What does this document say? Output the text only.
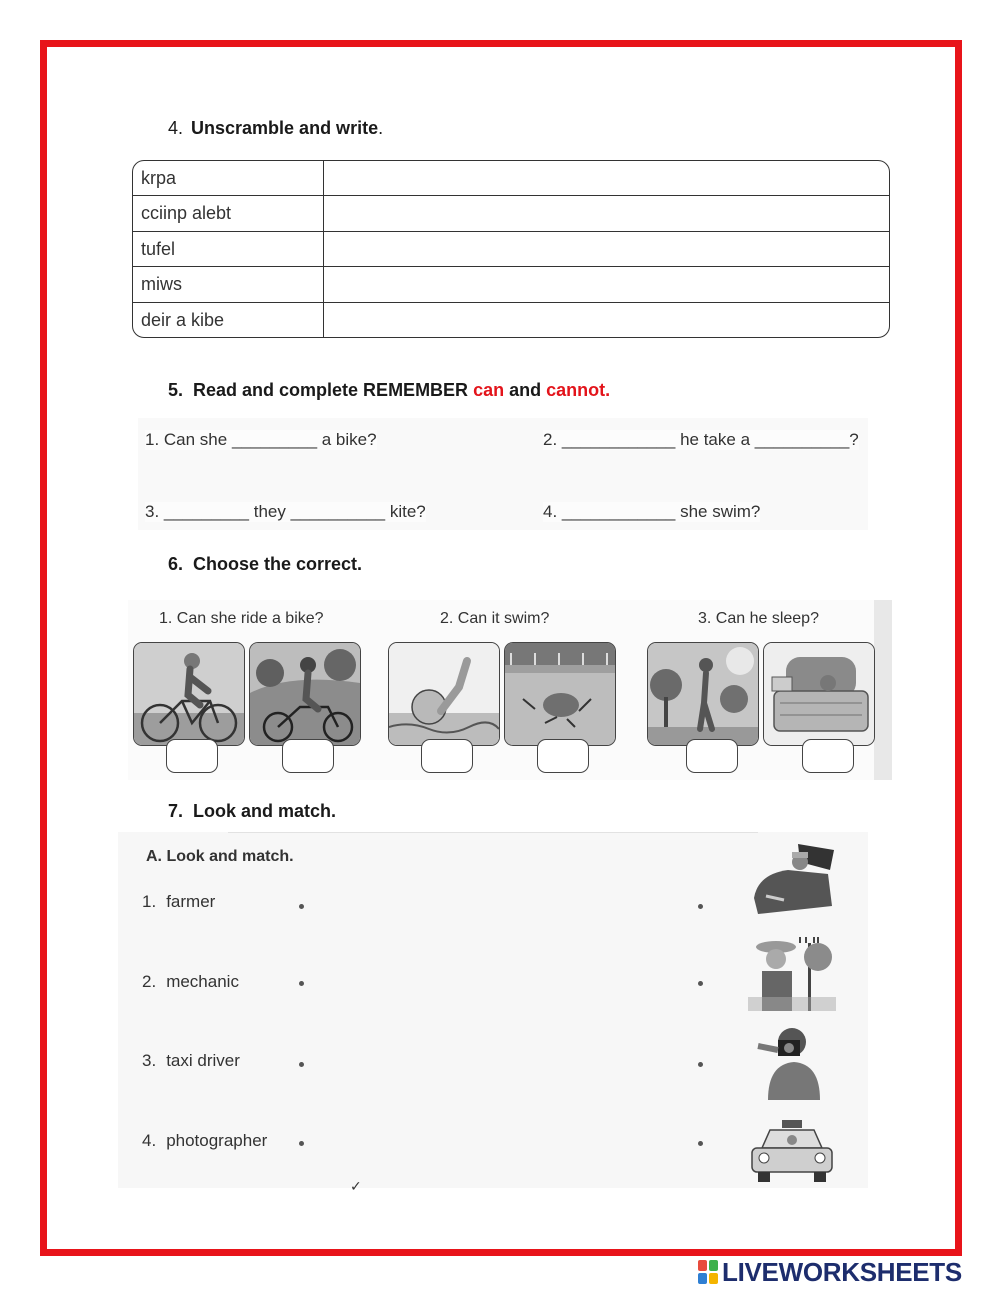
4. Unscramble and write.
krpa
cciinp alebt
tufel
miws
deir a kibe
5. Read and complete REMEMBER can and cannot.
1. Can she _________ a bike?	2. ____________ he take a __________?
3. _________ they __________ kite?	4. ____________ she swim?
6. Choose the correct.
1. Can she ride a bike?	2. Can it swim?	3. Can he sleep?
7. Look and match.
A. Look and match.
1. farmer
2. mechanic
3. taxi driver
4. photographer
✓
LIVEWORKSHEETS
